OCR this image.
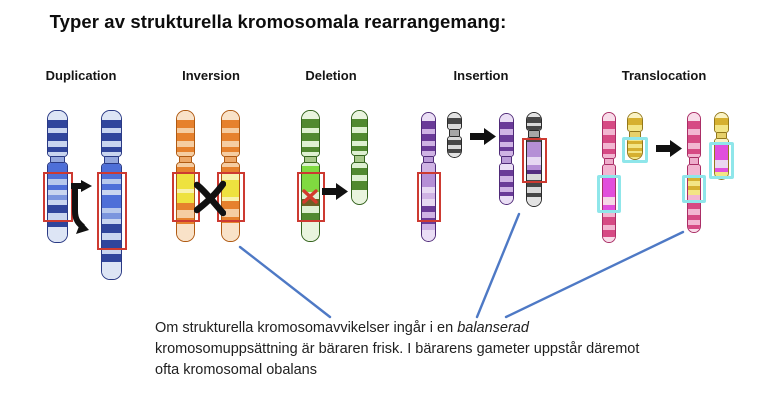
Typer av strukturella kromosomala rearrangemang:
Duplication	Inversion	Deletion	Insertion	Translocation
Om strukturella kromosomavvikelser ingår i en balanserad
kromosomuppsättning är bäraren frisk. I bärarens gameter uppstår däremot
ofta kromosomal obalans
